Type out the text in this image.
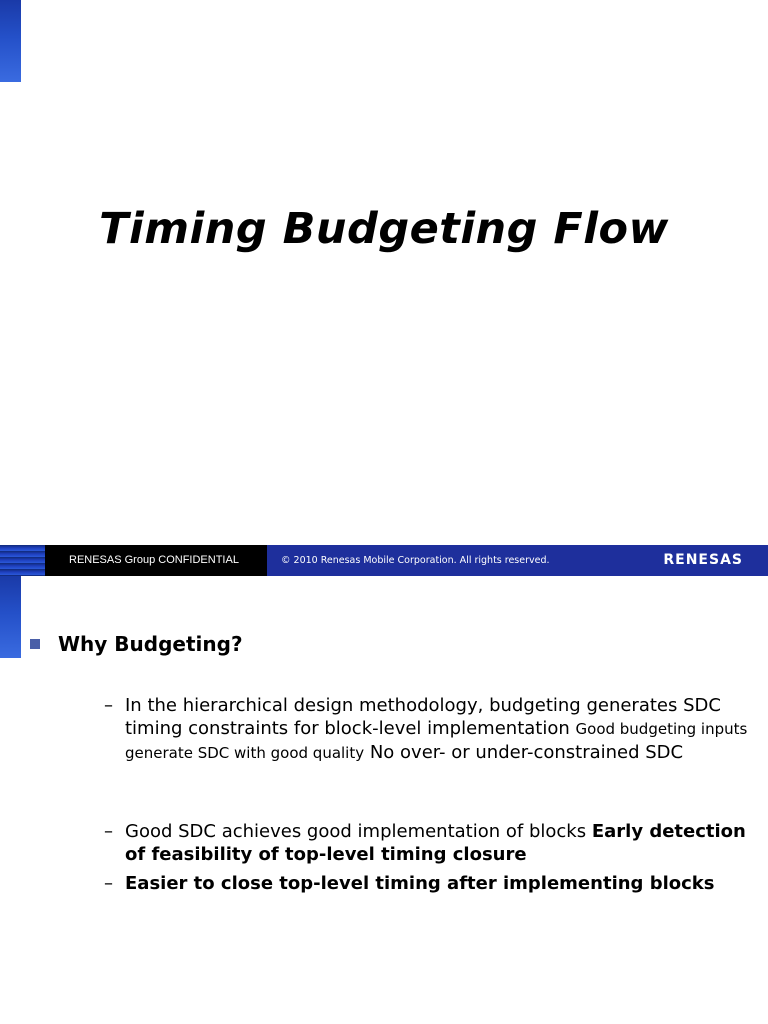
Timing Budgeting Flow
RENESAS Group CONFIDENTIAL	© 2010 Renesas Mobile Corporation. All rights reserved.	RENESAS
Why Budgeting?
– In the hierarchical design methodology, budgeting generates SDC timing constraints for block-level implementation Good budgeting inputs generate SDC with good quality No over- or under-constrained SDC
– Good SDC achieves good implementation of blocks Early detection of feasibility of top-level timing closure
– Easier to close top-level timing after implementing blocks
